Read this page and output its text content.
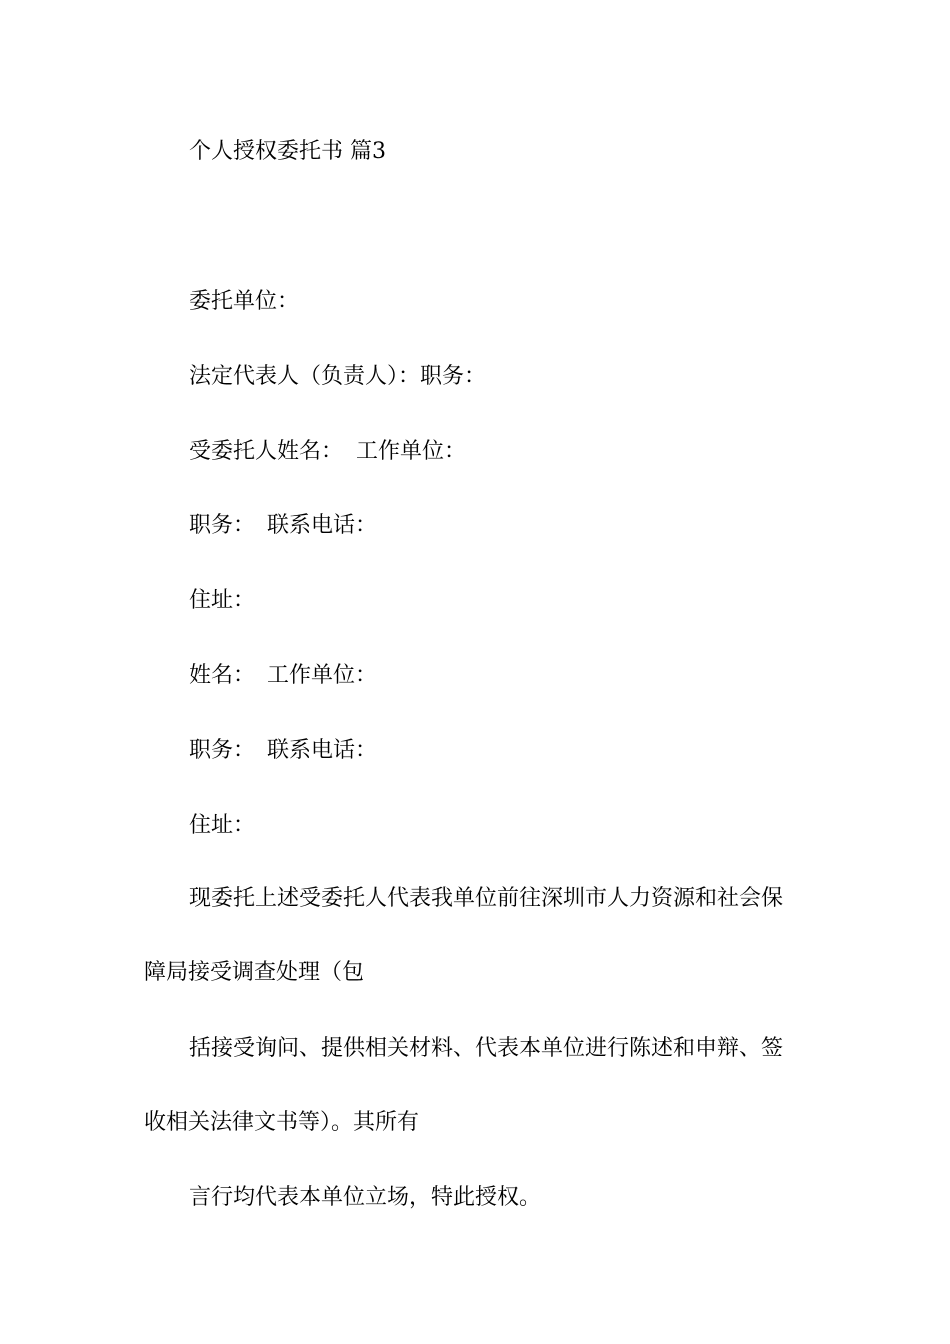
个人授权委托书 篇3

委托单位：

法定代表人（负责人）：职务：

受委托人姓名： 工作单位：

职务： 联系电话：

住址：

姓名： 工作单位：

职务： 联系电话：

住址：

现委托上述受委托人代表我单位前往深圳市人力资源和社会保

障局接受调查处理（包

括接受询问、提供相关材料、代表本单位进行陈述和申辩、签

收相关法律文书等）。其所有

言行均代表本单位立场，特此授权。
